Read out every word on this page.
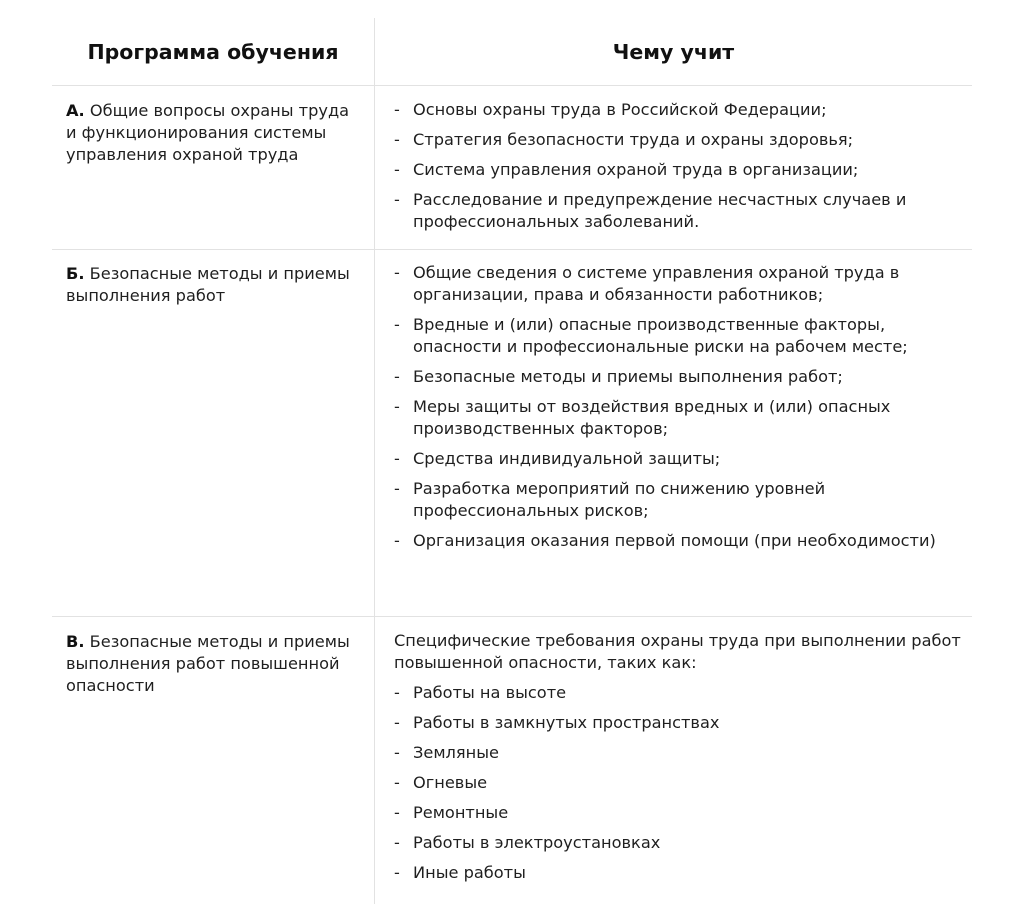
Программа обучения	Чему учит
А. Общие вопросы охраны труда и функционирования системы управления охраной труда
- Основы охраны труда в Российской Федерации;
- Стратегия безопасности труда и охраны здоровья;
- Система управления охраной труда в организации;
- Расследование и предупреждение несчастных случаев и профессиональных заболеваний.
Б. Безопасные методы и приемы выполнения работ
- Общие сведения о системе управления охраной труда в организации, права и обязанности работников;
- Вредные и (или) опасные производственные факторы, опасности и профессиональные риски на рабочем месте;
- Безопасные методы и приемы выполнения работ;
- Меры защиты от воздействия вредных и (или) опасных производственных факторов;
- Средства индивидуальной защиты;
- Разработка мероприятий по снижению уровней профессиональных рисков;
- Организация оказания первой помощи (при необходимости)
В. Безопасные методы и приемы выполнения работ повышенной опасности

Специфические требования охраны труда при выполнении работ повышенной опасности, таких как:

- Работы на высоте
- Работы в замкнутых пространствах
- Земляные
- Огневые
- Ремонтные
- Работы в электроустановках
- Иные работы
